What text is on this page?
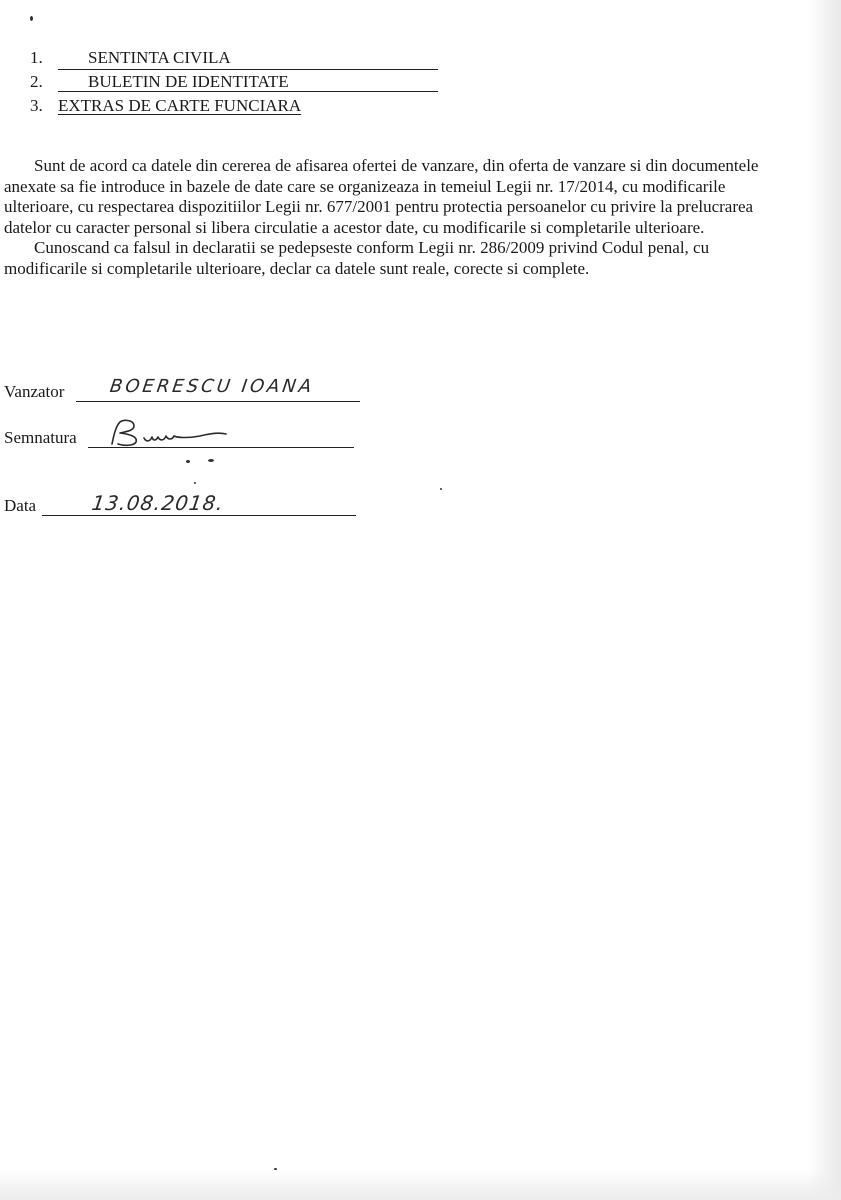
1.	SENTINTA CIVILA
2.	BULETIN DE IDENTITATE
3. EXTRAS DE CARTE FUNCIARA

Sunt de acord ca datele din cererea de afisarea ofertei de vanzare, din oferta de vanzare si din documentele anexate sa fie introduce in bazele de date care se organizeaza in temeiul Legii nr. 17/2014, cu modificarile ulterioare, cu respectarea dispozitiilor Legii nr. 677/2001 pentru protectia persoanelor cu privire la prelucrarea datelor cu caracter personal si libera circulatie a acestor date, cu modificarile si completarile ulterioare.

Cunoscand ca falsul in declaratii se pedepseste conform Legii nr. 286/2009 privind Codul penal, cu modificarile si completarile ulterioare, declar ca datele sunt reale, corecte si complete.

Vanzator BOERESCU IOANA
Semnatura
Data	13.08.2018.
